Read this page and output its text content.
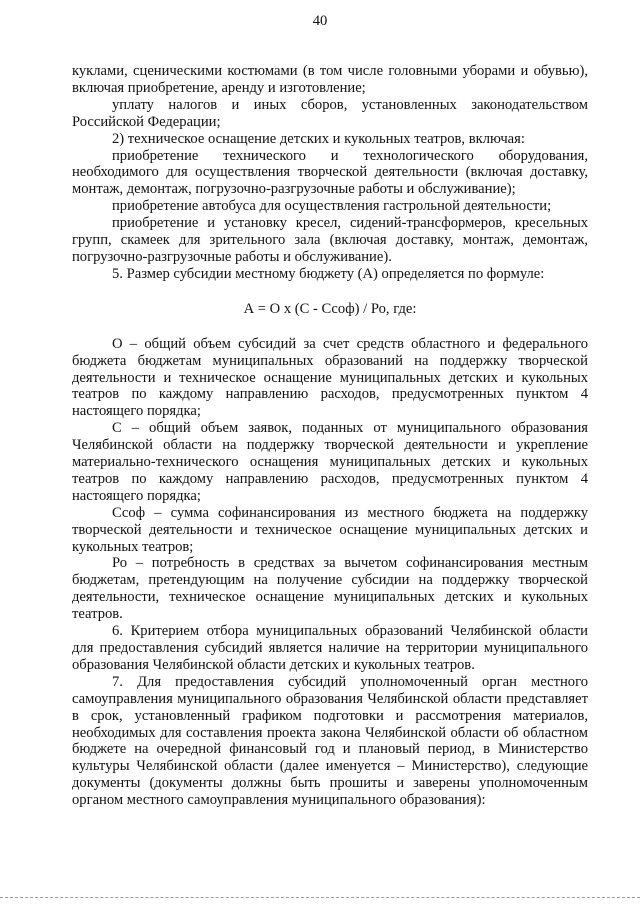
40

куклами, сценическими костюмами (в том числе головными уборами и обувью), включая приобретение, аренду и изготовление;

уплату налогов и иных сборов, установленных законодательством Российской Федерации;

2) техническое оснащение детских и кукольных театров, включая:

приобретение технического и технологического оборудования, необходимого для осуществления творческой деятельности (включая доставку, монтаж, демонтаж, погрузочно-разгрузочные работы и обслуживание);

приобретение автобуса для осуществления гастрольной деятельности;

приобретение и установку кресел, сидений-трансформеров, кресельных групп, скамеек для зрительного зала (включая доставку, монтаж, демонтаж, погрузочно-разгрузочные работы и обслуживание).

5. Размер субсидии местному бюджету (А) определяется по формуле:

А = О х (С - Ссоф) / Ро, где:

О – общий объем субсидий за счет средств областного и федерального бюджета бюджетам муниципальных образований на поддержку творческой деятельности и техническое оснащение муниципальных детских и кукольных театров по каждому направлению расходов, предусмотренных пунктом 4 настоящего порядка;

С – общий объем заявок, поданных от муниципального образования Челябинской области на поддержку творческой деятельности и укрепление материально-технического оснащения муниципальных детских и кукольных театров по каждому направлению расходов, предусмотренных пунктом 4 настоящего порядка;

Ссоф – сумма софинансирования из местного бюджета на поддержку творческой деятельности и техническое оснащение муниципальных детских и кукольных театров;

Ро – потребность в средствах за вычетом софинансирования местным бюджетам, претендующим на получение субсидии на поддержку творческой деятельности, техническое оснащение муниципальных детских и кукольных театров.

6. Критерием отбора муниципальных образований Челябинской области для предоставления субсидий является наличие на территории муниципального образования Челябинской области детских и кукольных театров.

7. Для предоставления субсидий уполномоченный орган местного самоуправления муниципального образования Челябинской области представляет в срок, установленный графиком подготовки и рассмотрения материалов, необходимых для составления проекта закона Челябинской области об областном бюджете на очередной финансовый год и плановый период, в Министерство культуры Челябинской области (далее именуется – Министерство), следующие документы (документы должны быть прошиты и заверены уполномоченным органом местного самоуправления муниципального образования):
